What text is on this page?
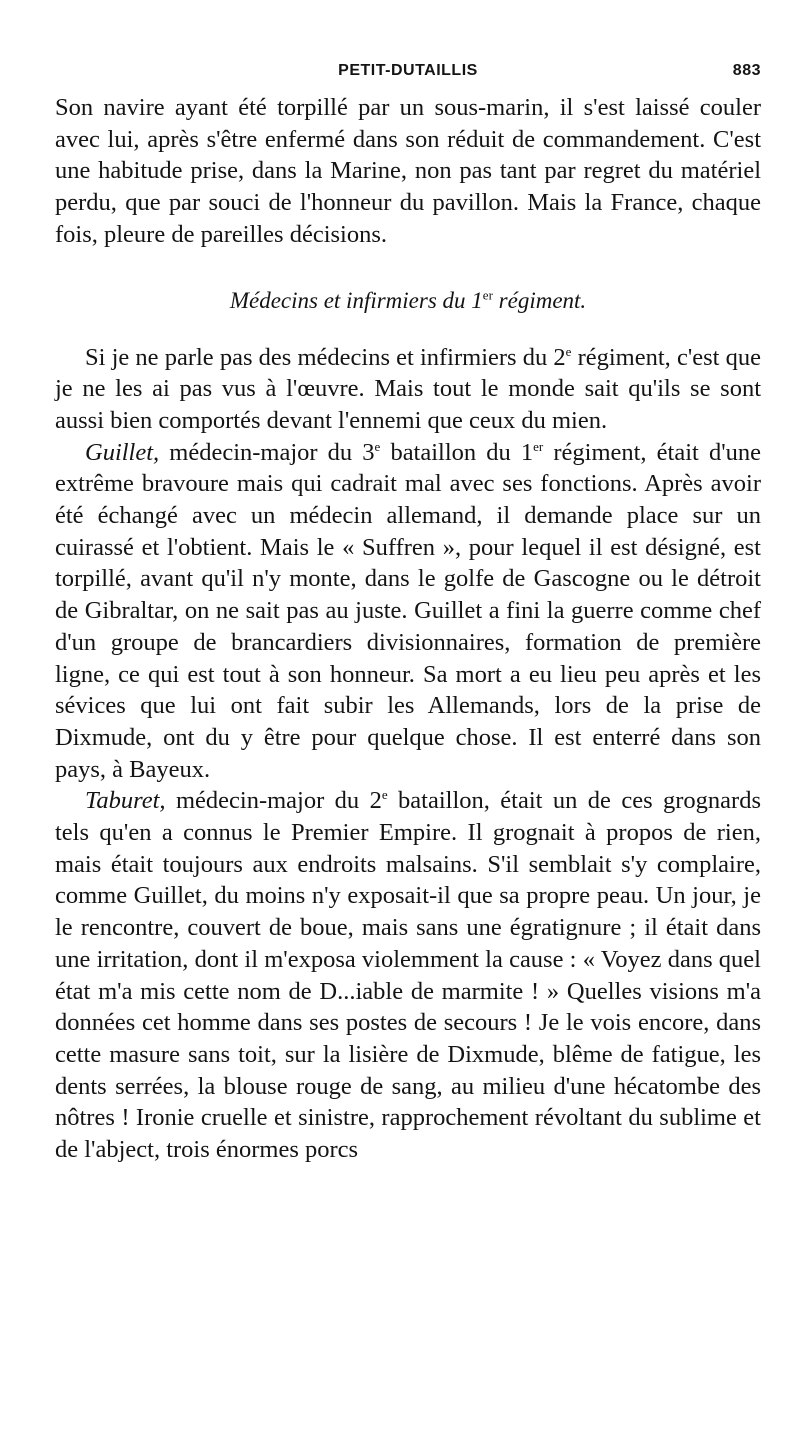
PETIT-DUTAILLIS	883

Son navire ayant été torpillé par un sous-marin, il s'est laissé couler avec lui, après s'être enfermé dans son réduit de commandement. C'est une habitude prise, dans la Marine, non pas tant par regret du matériel perdu, que par souci de l'honneur du pavillon. Mais la France, chaque fois, pleure de pareilles décisions.

Médecins et infirmiers du 1er régiment.

Si je ne parle pas des médecins et infirmiers du 2e régiment, c'est que je ne les ai pas vus à l'œuvre. Mais tout le monde sait qu'ils se sont aussi bien comportés devant l'ennemi que ceux du mien.

Guillet, médecin-major du 3e bataillon du 1er régiment, était d'une extrême bravoure mais qui cadrait mal avec ses fonctions. Après avoir été échangé avec un médecin allemand, il demande place sur un cuirassé et l'obtient. Mais le « Suffren », pour lequel il est désigné, est torpillé, avant qu'il n'y monte, dans le golfe de Gascogne ou le détroit de Gibraltar, on ne sait pas au juste. Guillet a fini la guerre comme chef d'un groupe de brancardiers divisionnaires, formation de première ligne, ce qui est tout à son honneur. Sa mort a eu lieu peu après et les sévices que lui ont fait subir les Allemands, lors de la prise de Dixmude, ont du y être pour quelque chose. Il est enterré dans son pays, à Bayeux.

Taburet, médecin-major du 2e bataillon, était un de ces grognards tels qu'en a connus le Premier Empire. Il grognait à propos de rien, mais était toujours aux endroits malsains. S'il semblait s'y complaire, comme Guillet, du moins n'y exposait-il que sa propre peau. Un jour, je le rencontre, couvert de boue, mais sans une égratignure ; il était dans une irritation, dont il m'exposa violemment la cause : « Voyez dans quel état m'a mis cette nom de D...iable de marmite ! » Quelles visions m'a données cet homme dans ses postes de secours ! Je le vois encore, dans cette masure sans toit, sur la lisière de Dixmude, blême de fatigue, les dents serrées, la blouse rouge de sang, au milieu d'une hécatombe des nôtres ! Ironie cruelle et sinistre, rapprochement révoltant du sublime et de l'abject, trois énormes porcs
